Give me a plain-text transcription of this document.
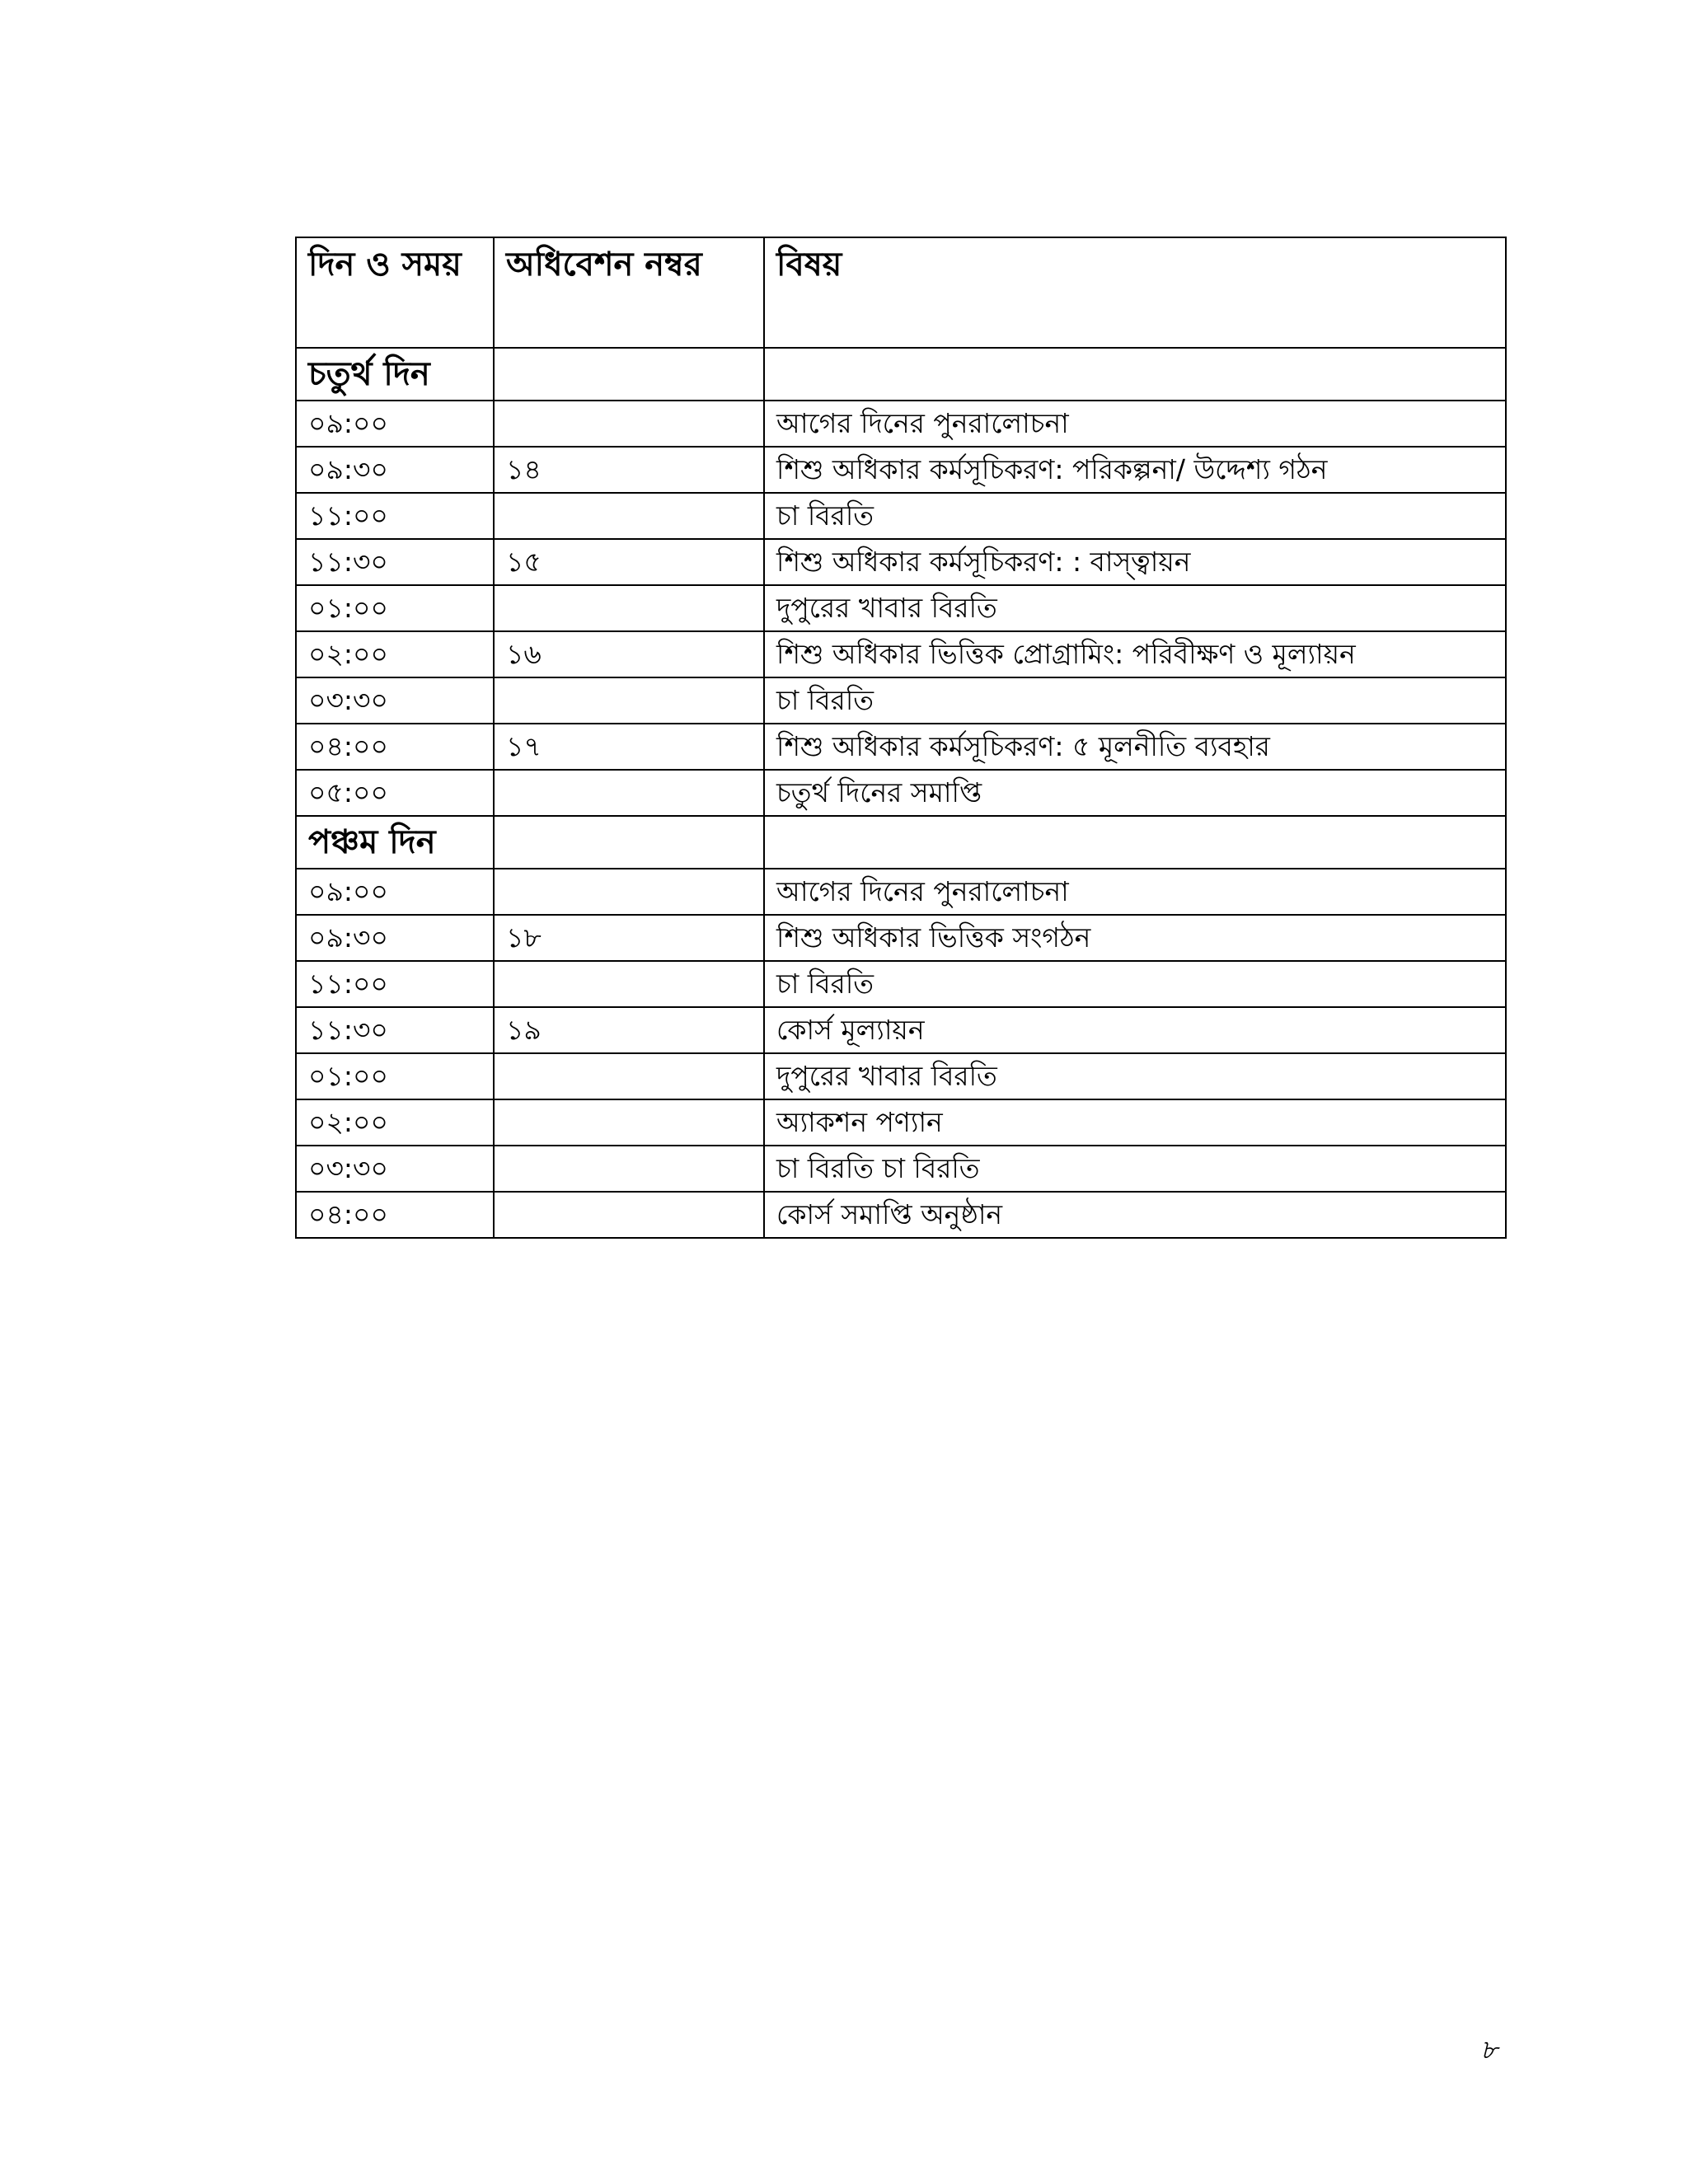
দিন ও সময়	অধিবেশন নম্বর	বিষয়
চতুর্থ দিন		
০৯:০০		আগের দিনের পুনরালোচনা
০৯:৩০	১৪	শিশু অধিকার কর্মসূচিকরণ: পরিকল্পনা/ উদ্দেশ্য গঠন
১১:০০		চা বিরতি
১১:৩০	১৫	শিশু অধিকার কর্মসূচিকরণ: : বাস্ত্বায়ন
০১:০০		দুপুরের খাবার বিরতি
০২:০০	১৬	শিশু অধিকার ভিত্তিক প্রোগ্রামিং: পরিবীক্ষণ ও মূল্যায়ন
০৩:৩০		চা বিরতি
০৪:০০	১৭	শিশু অধিকার কর্মসূচিকরণ: ৫ মূলনীতি ব্যবহার
০৫:০০		চতুর্থ দিনের সমাপ্তি
পঞ্চম দিন		
০৯:০০		আগের দিনের পুনরালোচনা
০৯:৩০	১৮	শিশু অধিকার ভিত্তিক সংগঠন
১১:০০		চা বিরতি
১১:৩০	১৯	কোর্স মূল্যায়ন
০১:০০		দুপুরের খাবার বিরতি
০২:০০		অ্যাকশন পণ্যান
০৩:৩০		চা বিরতি চা বিরতি
০৪:০০		কোর্স সমাপ্তি অনুষ্ঠান
৮
